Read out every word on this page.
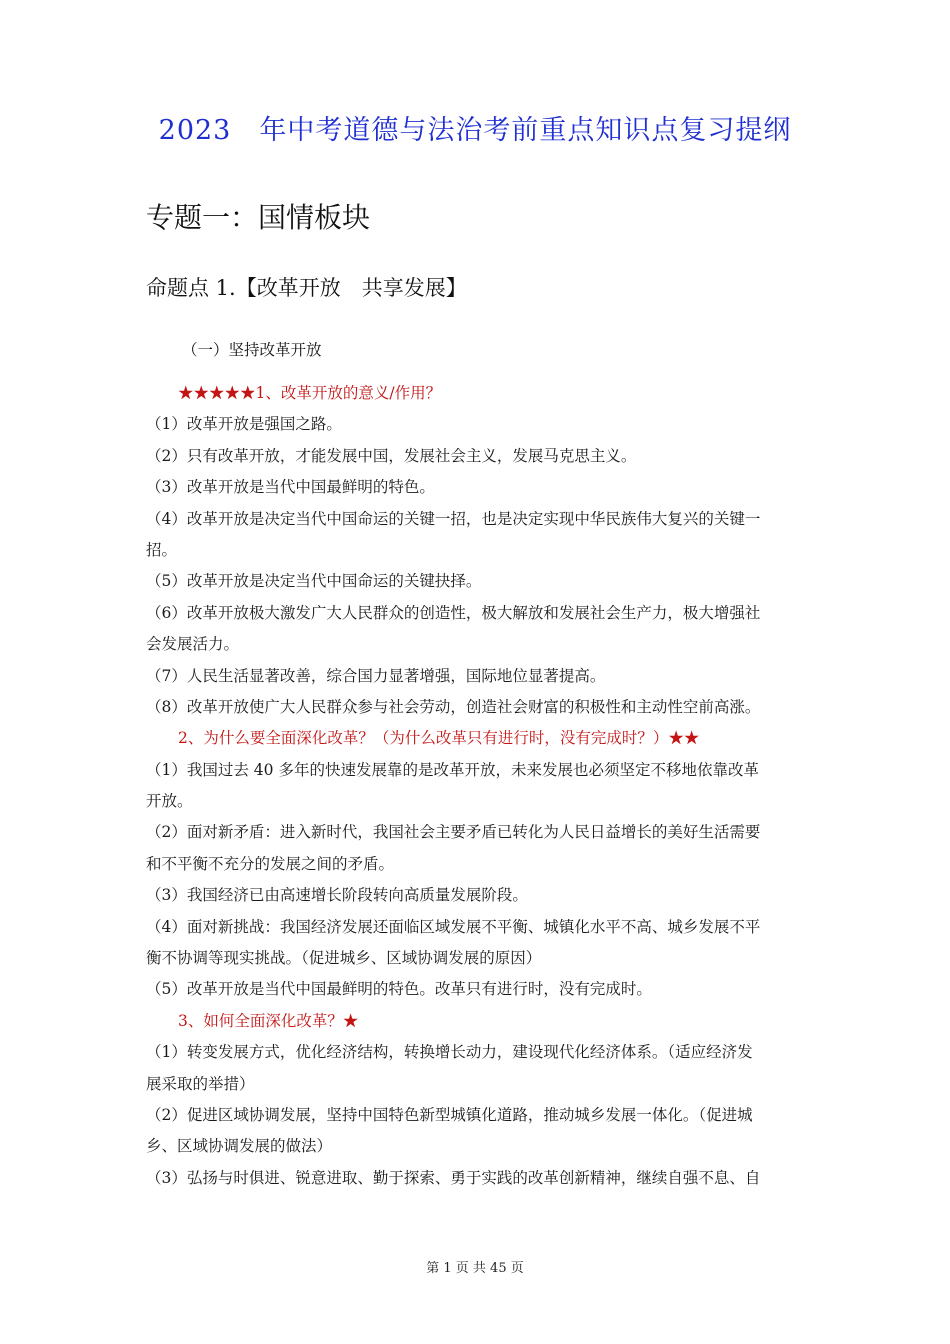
2023　年中考道德与法治考前重点知识点复习提纲
专题一：国情板块
命题点 1.【改革开放　共享发展】
（一）坚持改革开放
★★★★★1、改革开放的意义/作用？
（1）改革开放是强国之路。
（2）只有改革开放，才能发展中国，发展社会主义，发展马克思主义。
（3）改革开放是当代中国最鲜明的特色。
（4）改革开放是决定当代中国命运的关键一招，也是决定实现中华民族伟大复兴的关键一
招。
（5）改革开放是决定当代中国命运的关键抉择。
（6）改革开放极大激发广大人民群众的创造性，极大解放和发展社会生产力，极大增强社
会发展活力。
（7）人民生活显著改善，综合国力显著增强，国际地位显著提高。
（8）改革开放使广大人民群众参与社会劳动，创造社会财富的积极性和主动性空前高涨。
2、为什么要全面深化改革？（为什么改革只有进行时，没有完成时？）★★
（1）我国过去 40 多年的快速发展靠的是改革开放，未来发展也必须坚定不移地依靠改革
开放。
（2）面对新矛盾：进入新时代，我国社会主要矛盾已转化为人民日益增长的美好生活需要
和不平衡不充分的发展之间的矛盾。
（3）我国经济已由高速增长阶段转向高质量发展阶段。
（4）面对新挑战：我国经济发展还面临区域发展不平衡、城镇化水平不高、城乡发展不平
衡不协调等现实挑战。（促进城乡、区域协调发展的原因）
（5）改革开放是当代中国最鲜明的特色。改革只有进行时，没有完成时。
3、如何全面深化改革？★
（1）转变发展方式，优化经济结构，转换增长动力，建设现代化经济体系。（适应经济发
展采取的举措）
（2）促进区域协调发展，坚持中国特色新型城镇化道路，推动城乡发展一体化。（促进城
乡、区域协调发展的做法）
（3）弘扬与时俱进、锐意进取、勤于探索、勇于实践的改革创新精神，继续自强不息、自
第 1 页 共 45 页
